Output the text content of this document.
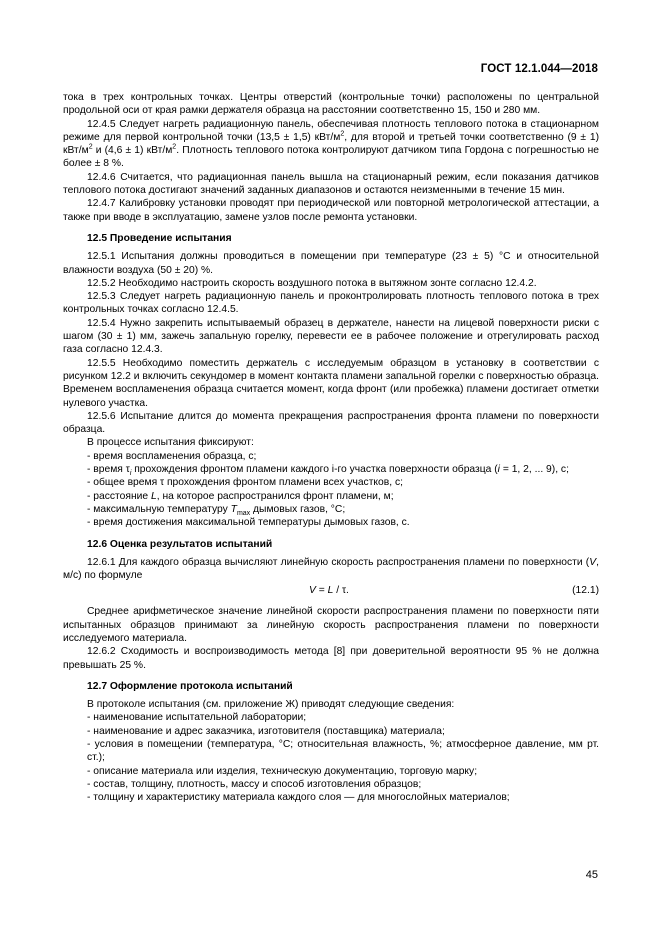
ГОСТ 12.1.044—2018

тока в трех контрольных точках. Центры отверстий (контрольные точки) расположены по центральной продольной оси от края рамки держателя образца на расстоянии соответственно 15, 150 и 280 мм.

12.4.5 Следует нагреть радиационную панель, обеспечивая плотность теплового потока в стационарном режиме для первой контрольной точки (13,5 ± 1,5) кВт/$м^2$, для второй и третьей точки соответственно (9 ± 1) кВт/$м^2$ и (4,6 ± 1) кВт/$м^2$. Плотность теплового потока контролируют датчиком типа Гордона с погрешностью не более ± 8 %.

12.4.6 Считается, что радиационная панель вышла на стационарный режим, если показания датчиков теплового потока достигают значений заданных диапазонов и остаются неизменными в течение 15 мин.

12.4.7 Калибровку установки проводят при периодической или повторной метрологической аттестации, а также при вводе в эксплуатацию, замене узлов после ремонта установки.

12.5 Проведение испытания

12.5.1 Испытания должны проводиться в помещении при температуре (23 ± 5) °С и относительной влажности воздуха (50 ± 20) %.

12.5.2 Необходимо настроить скорость воздушного потока в вытяжном зонте согласно 12.4.2.

12.5.3 Следует нагреть радиационную панель и проконтролировать плотность теплового потока в трех контрольных точках согласно 12.4.5.

12.5.4 Нужно закрепить испытываемый образец в держателе, нанести на лицевой поверхности риски с шагом (30 ± 1) мм, зажечь запальную горелку, перевести ее в рабочее положение и отрегулировать расход газа согласно 12.4.3.

12.5.5 Необходимо поместить держатель с исследуемым образцом в установку в соответствии с рисунком 12.2 и включить секундомер в момент контакта пламени запальной горелки с поверхностью образца. Временем воспламенения образца считается момент, когда фронт (или пробежка) пламени достигает отметки нулевого участка.

12.5.6 Испытание длится до момента прекращения распространения фронта пламени по поверхности образца.

В процессе испытания фиксируют:

- время воспламенения образца, с;

- время $\tau_i$ прохождения фронтом пламени каждого i-го участка поверхности образца (i = 1, 2, ... 9), с;

- общее время τ прохождения фронтом пламени всех участков, с;

- расстояние L, на которое распространился фронт пламени, м;

- максимальную температуру $T_{max}$ дымовых газов, °С;

- время достижения максимальной температуры дымовых газов, с.

12.6 Оценка результатов испытаний

12.6.1 Для каждого образца вычисляют линейную скорость распространения пламени по поверхности (V, м/с) по формуле

V = L / τ.	(12.1)

Среднее арифметическое значение линейной скорости распространения пламени по поверхности пяти испытанных образцов принимают за линейную скорость распространения пламени по поверхности исследуемого материала.

12.6.2 Сходимость и воспроизводимость метода [8] при доверительной вероятности 95 % не должна превышать 25 %.

12.7 Оформление протокола испытаний

В протоколе испытания (см. приложение Ж) приводят следующие сведения:

- наименование испытательной лаборатории;

- наименование и адрес заказчика, изготовителя (поставщика) материала;

- условия в помещении (температура, °С; относительная влажность, %; атмосферное давление, мм рт. ст.);

- описание материала или изделия, техническую документацию, торговую марку;

- состав, толщину, плотность, массу и способ изготовления образцов;

- толщину и характеристику материала каждого слоя — для многослойных материалов;

45
